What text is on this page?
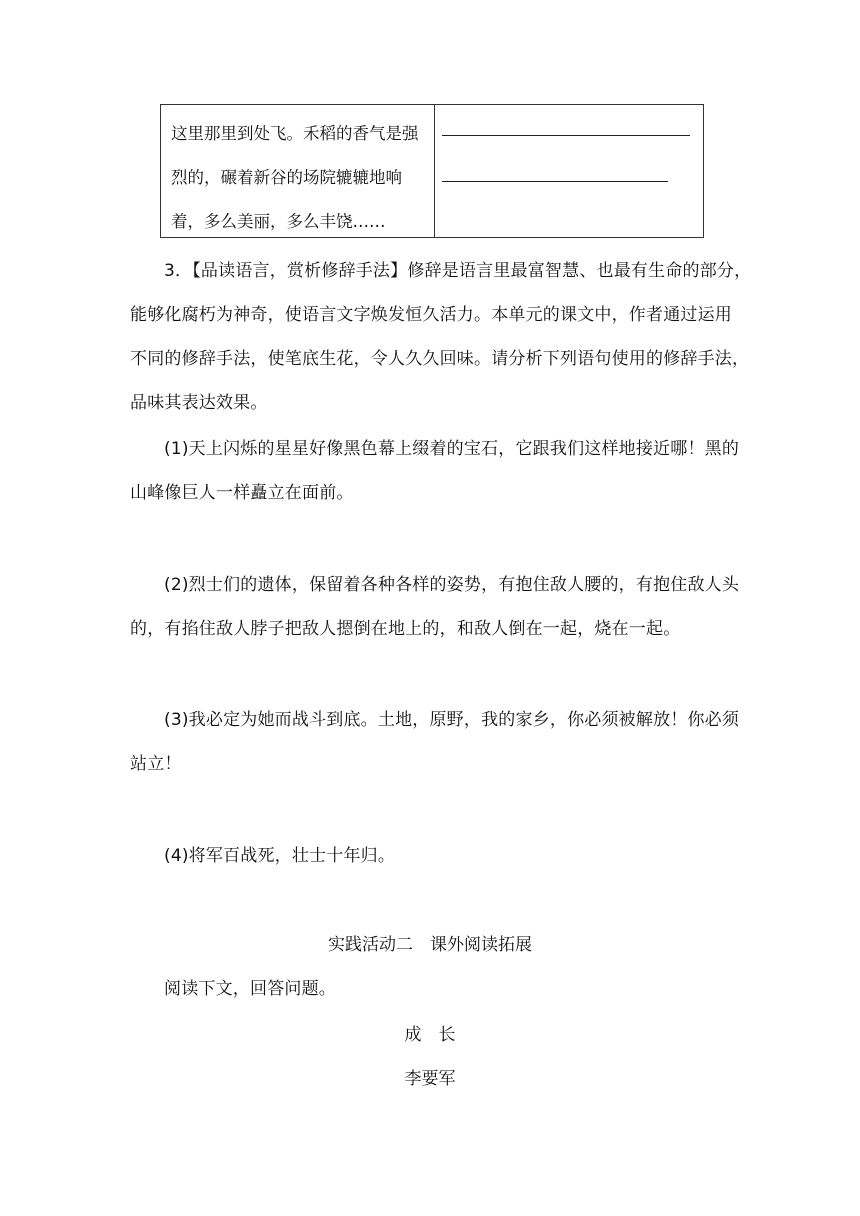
这里那里到处飞。禾稻的香气是强
烈的，碾着新谷的场院辘辘地响
着，多么美丽，多么丰饶……
3．【品读语言，赏析修辞手法】修辞是语言里最富智慧、也最有生命的部分，
能够化腐朽为神奇，使语言文字焕发恒久活力。本单元的课文中，作者通过运用
不同的修辞手法，使笔底生花，令人久久回味。请分析下列语句使用的修辞手法，
品味其表达效果。
(1)天上闪烁的星星好像黑色幕上缀着的宝石，它跟我们这样地接近哪！黑的
山峰像巨人一样矗立在面前。
(2)烈士们的遗体，保留着各种各样的姿势，有抱住敌人腰的，有抱住敌人头
的，有掐住敌人脖子把敌人摁倒在地上的，和敌人倒在一起，烧在一起。
(3)我必定为她而战斗到底。土地，原野，我的家乡，你必须被解放！你必须
站立！
(4)将军百战死，壮士十年归。
实践活动二　课外阅读拓展
阅读下文，回答问题。
成　长
李要军
